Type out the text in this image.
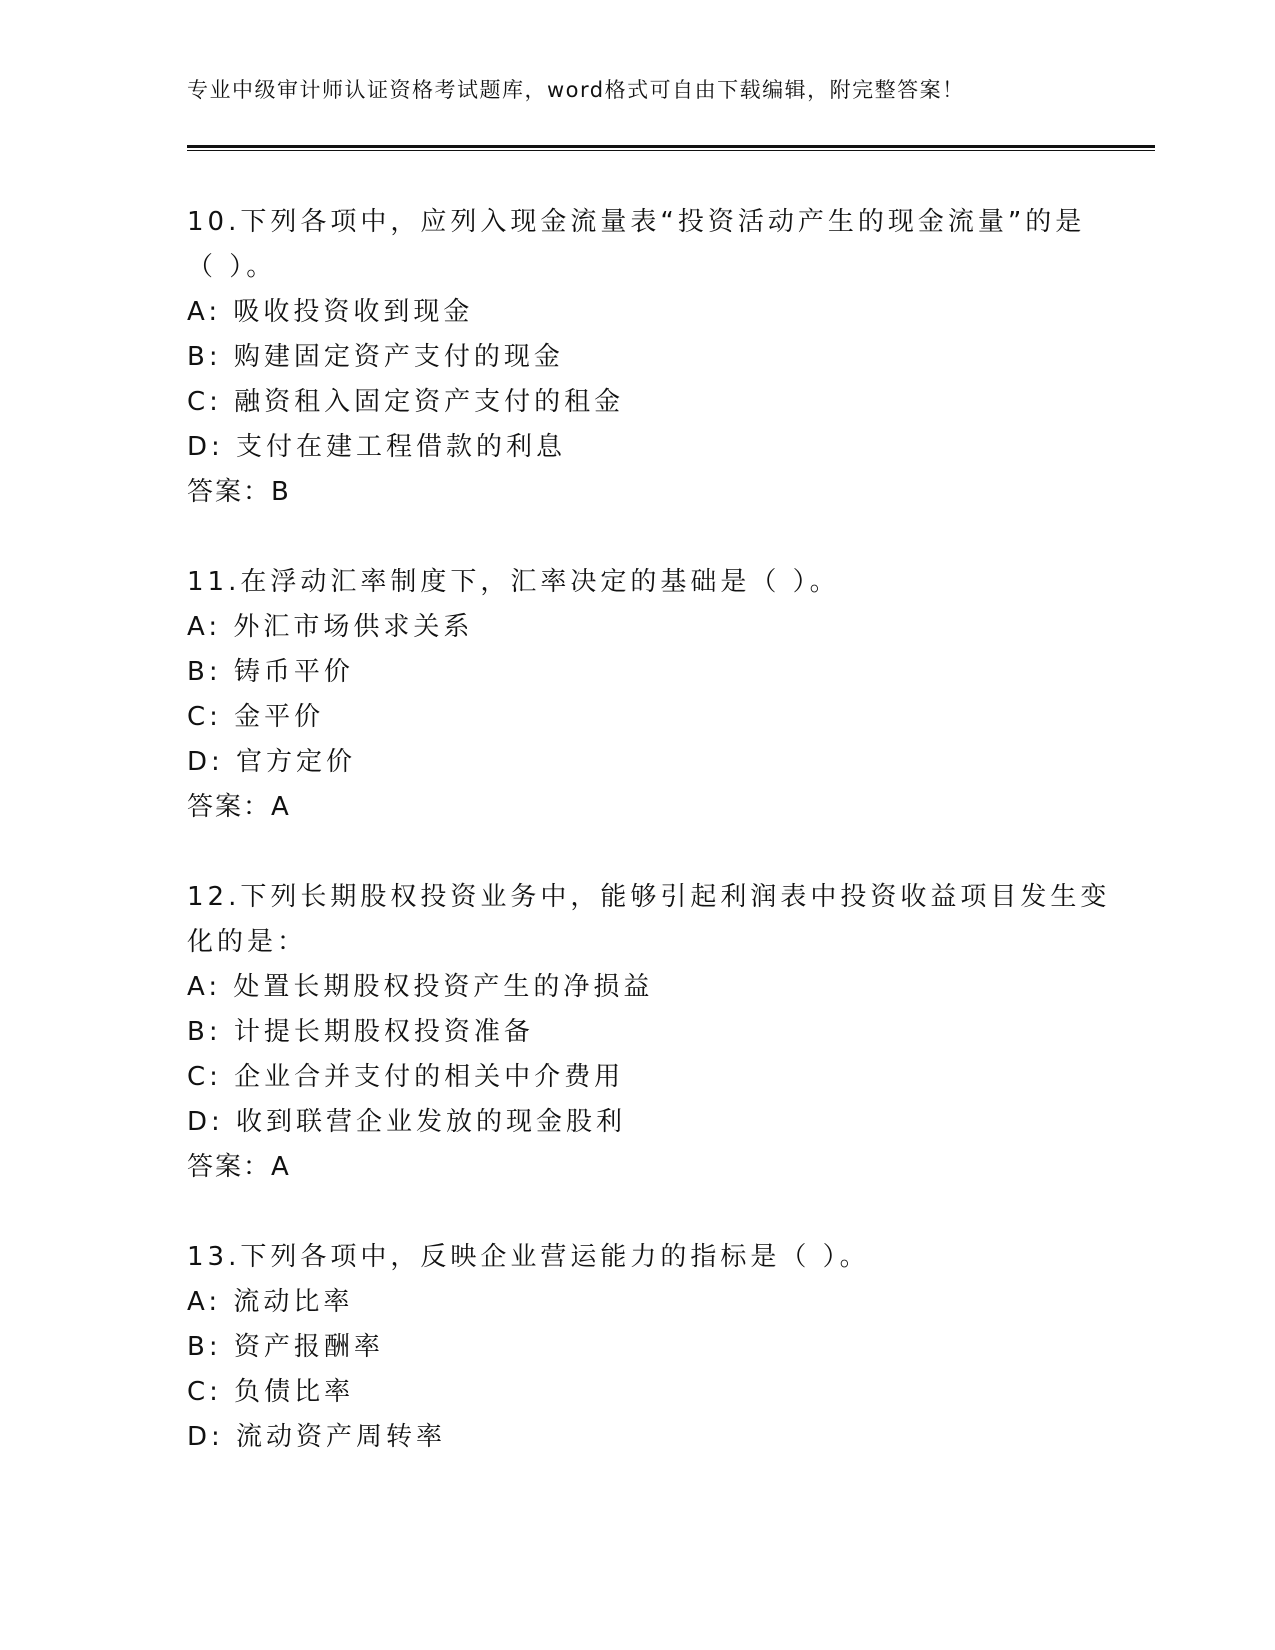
专业中级审计师认证资格考试题库，word格式可自由下载编辑，附完整答案！
10.下列各项中，应列入现金流量表“投资活动产生的现金流量”的是
（ ）。
A: 吸收投资收到现金
B: 购建固定资产支付的现金
C: 融资租入固定资产支付的租金
D: 支付在建工程借款的利息
答案：B
11.在浮动汇率制度下，汇率决定的基础是（ ）。
A: 外汇市场供求关系
B: 铸币平价
C: 金平价
D: 官方定价
答案：A
12.下列长期股权投资业务中，能够引起利润表中投资收益项目发生变
化的是：
A: 处置长期股权投资产生的净损益
B: 计提长期股权投资准备
C: 企业合并支付的相关中介费用
D: 收到联营企业发放的现金股利
答案：A
13.下列各项中，反映企业营运能力的指标是（ ）。
A: 流动比率
B: 资产报酬率
C: 负债比率
D: 流动资产周转率
